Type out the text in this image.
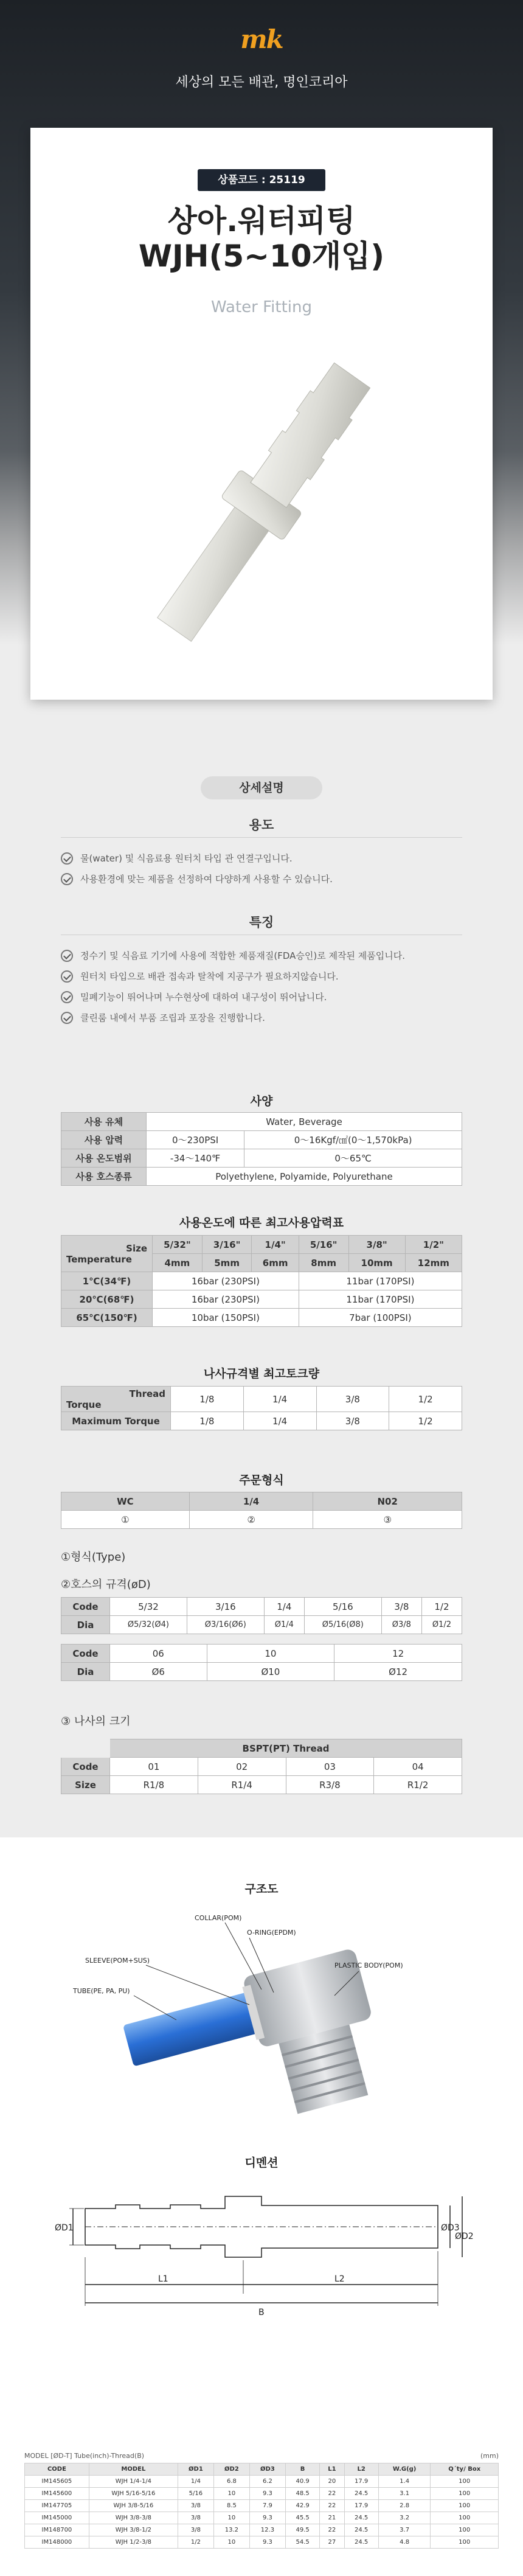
mk
세상의 모든 배관, 명인코리아
상품코드 : 25119
상아.워터피팅
WJH(5~10개입)
Water Fitting
상세설명
용도
물(water) 및 식음료용 원터치 타입 관 연결구입니다.
사용환경에 맞는 제품을 선정하여 다양하게 사용할 수 있습니다.
특징
정수기 및 식음료 기기에 사용에 적합한 제품재질(FDA승인)로 제작된 제품입니다.
원터치 타입으로 배관 접속과 탈착에 지공구가 필요하지않습니다.
밀폐기능이 뛰어나며 누수현상에 대하여 내구성이 뛰어납니다.
클린룸 내에서 부품 조립과 포장을 진행합니다.
사양
사용 유체	Water, Beverage	
사용 압력	0～230PSI	0～16Kgf/㎠(0～1,570kPa)
사용 온도범위	-34～140℉	0～65℃
사용 호스종류	Polyethylene, Polyamide, Polyurethane	
사용온도에 따른 최고사용압력표
Size
Temperature	5/32"	3/16"	1/4"	5/16"	3/8"	1/2"
	4mm	5mm	6mm	8mm	10mm	12mm
1℃(34℉)	16bar (230PSI)			11bar (170PSI)		
20℃(68℉)	16bar (230PSI)			11bar (170PSI)		
65℃(150℉)	10bar (150PSI)			7bar (100PSI)		
나사규격별 최고토크량
Thread
Torque	1/8	1/4	3/8	1/2
Maximum Torque	1/8	1/4	3/8	1/2
주문형식
WC	1/4	N02
①	②	③
①형식(Type)
②호스의 규격(øD)
Code	5/32	3/16	1/4	5/16	3/8	1/2
Dia	Ø5/32(Ø4)	Ø3/16(Ø6)	Ø1/4	Ø5/16(Ø8)	Ø3/8	Ø1/2
Code	06	10	12
Dia	Ø6	Ø10	Ø12
③ 나사의 크기
	BSPT(PT) Thread			
Code	01	02	03	04
Size	R1/8	R1/4	R3/8	R1/2
구조도
COLLAR(POM)
O-RING(EPDM)
SLEEVE(POM+SUS)
PLASTIC BODY(POM)
TUBE(PE, PA, PU)
디멘션
ØD1	ØD3
ØD2
L1	L2
B
MODEL [ØD-T] Tube(inch)-Thread(B)	(mm)
CODE	MODEL	ØD1	ØD2	ØD3	B	L1	L2	W.G(g)	Q´ty/ Box
IM145605	WJH 1/4-1/4	1/4	6.8	6.2	40.9	20	17.9	1.4	100
IM145600	WJH 5/16-5/16	5/16	10	9.3	48.5	22	24.5	3.1	100
IM147705	WJH 3/8-5/16	3/8	8.5	7.9	42.9	22	17.9	2.8	100
IM145000	WJH 3/8-3/8	3/8	10	9.3	45.5	21	24.5	3.2	100
IM148700	WJH 3/8-1/2	3/8	13.2	12.3	49.5	22	24.5	3.7	100
IM148000	WJH 1/2-3/8	1/2	10	9.3	54.5	27	24.5	4.8	100
